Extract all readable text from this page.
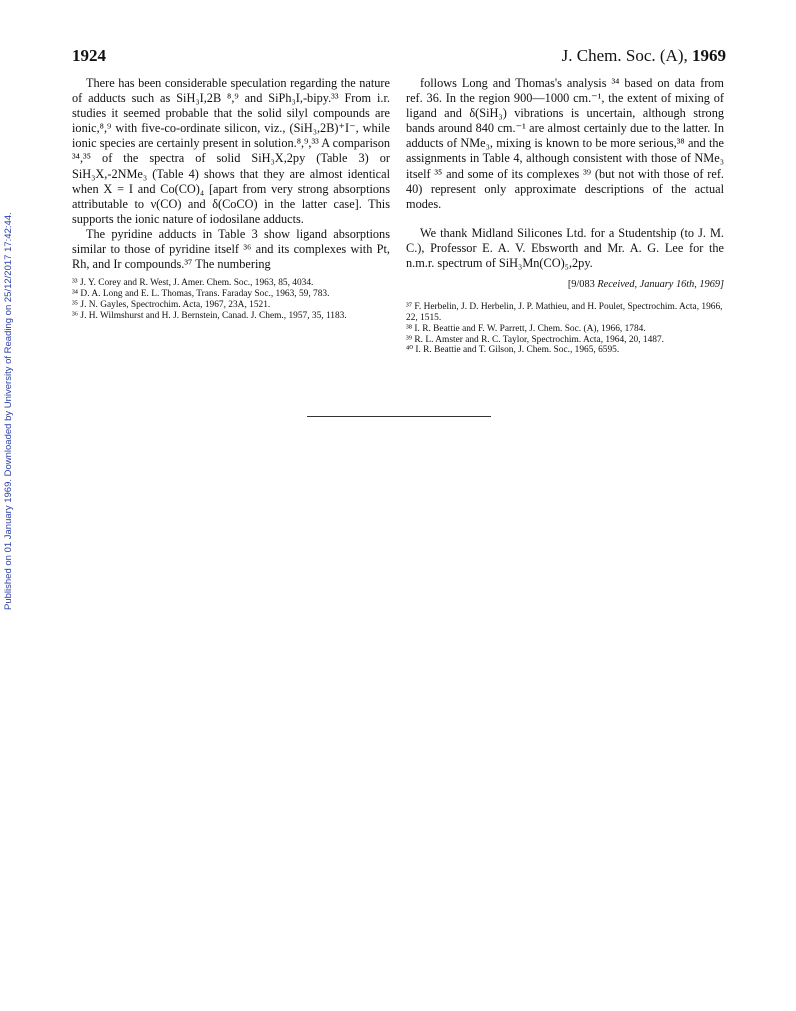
Published on 01 January 1969. Downloaded by University of Reading on 25/12/2017 17:42:44.
1924	J. Chem. Soc. (A), 1969

There has been considerable speculation regarding the nature of adducts such as SiH₃I,2B ⁸,⁹ and SiPh₃I,-bipy.³³ From i.r. studies it seemed probable that the solid silyl compounds are ionic,⁸,⁹ with five-co-ordinate silicon, viz., (SiH₃,2B)⁺I⁻, while ionic species are certainly present in solution.⁸,⁹,³³ A comparison ³⁴,³⁵ of the spectra of solid SiH₃X,2py (Table 3) or SiH₃X,-2NMe₃ (Table 4) shows that they are almost identical when X = I and Co(CO)₄ [apart from very strong absorptions attributable to ν(CO) and δ(CoCO) in the latter case]. This supports the ionic nature of iodosilane adducts.

The pyridine adducts in Table 3 show ligand absorptions similar to those of pyridine itself ³⁶ and its complexes with Pt, Rh, and Ir compounds.³⁷ The numbering

³³ J. Y. Corey and R. West, J. Amer. Chem. Soc., 1963, 85, 4034.

³⁴ D. A. Long and E. L. Thomas, Trans. Faraday Soc., 1963, 59, 783.

³⁵ J. N. Gayles, Spectrochim. Acta, 1967, 23A, 1521.

³⁶ J. H. Wilmshurst and H. J. Bernstein, Canad. J. Chem., 1957, 35, 1183.

follows Long and Thomas's analysis ³⁴ based on data from ref. 36. In the region 900—1000 cm.⁻¹, the extent of mixing of ligand and δ(SiH₃) vibrations is uncertain, although strong bands around 840 cm.⁻¹ are almost certainly due to the latter. In adducts of NMe₃, mixing is known to be more serious,³⁸ and the assignments in Table 4, although consistent with those of NMe₃ itself ³⁵ and some of its complexes ³⁹ (but not with those of ref. 40) represent only approximate descriptions of the actual modes.

We thank Midland Silicones Ltd. for a Studentship (to J. M. C.), Professor E. A. V. Ebsworth and Mr. A. G. Lee for the n.m.r. spectrum of SiH₃Mn(CO)₅,2py.

[9/083 Received, January 16th, 1969]

³⁷ F. Herbelin, J. D. Herbelin, J. P. Mathieu, and H. Poulet, Spectrochim. Acta, 1966, 22, 1515.

³⁸ I. R. Beattie and F. W. Parrett, J. Chem. Soc. (A), 1966, 1784.

³⁹ R. L. Amster and R. C. Taylor, Spectrochim. Acta, 1964, 20, 1487.

⁴⁰ I. R. Beattie and T. Gilson, J. Chem. Soc., 1965, 6595.
